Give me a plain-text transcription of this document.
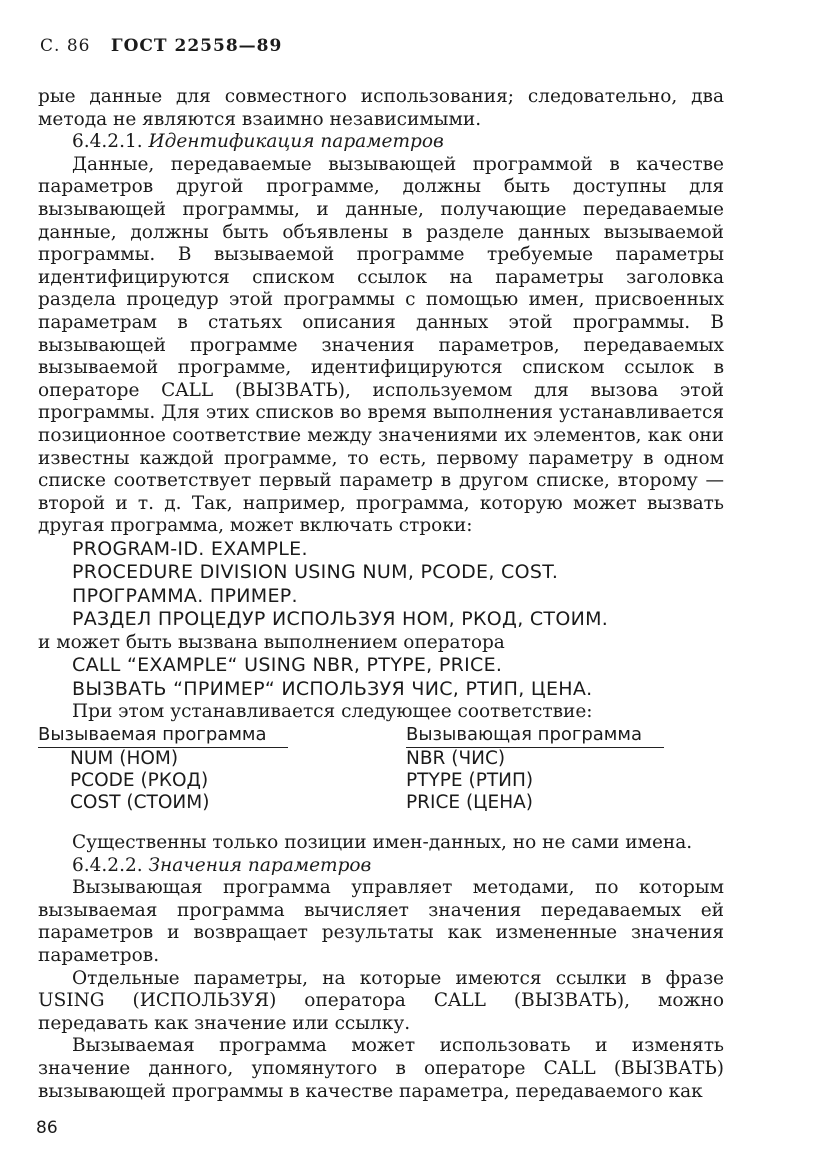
С. 86 ГОСТ 22558—89

рые данные для совместного использования; следовательно, два метода не являются взаимно независимыми.

6.4.2.1. Идентификация параметров

Данные, передаваемые вызывающей программой в качестве параметров другой программе, должны быть доступны для вызывающей программы, и данные, получающие передаваемые данные, должны быть объявлены в разделе данных вызываемой программы. В вызываемой программе требуемые параметры идентифицируются списком ссылок на параметры заголовка раздела процедур этой программы с помощью имен, присвоенных параметрам в статьях описания данных этой программы. В вызывающей программе значения параметров, передаваемых вызываемой программе, идентифицируются списком ссылок в операторе CALL (ВЫЗВАТЬ), используемом для вызова этой программы. Для этих списков во время выполнения устанавливается позиционное соответствие между значениями их элементов, как они известны каждой программе, то есть, первому параметру в одном списке соответствует первый параметр в другом списке, второму — второй и т. д. Так, например, программа, которую может вызвать другая программа, может включать строки:

PROGRAM-ID. EXAMPLE.

PROCEDURE DIVISION USING NUM, PCODE, COST.

ПРОГРАММА. ПРИМЕР.

РАЗДЕЛ ПРОЦЕДУР ИСПОЛЬЗУЯ НОМ, РКОД, СТОИМ.

и может быть вызвана выполнением оператора

CALL “EXAMPLE“ USING NBR, PTYPE, PRICE.

ВЫЗВАТЬ “ПРИМЕР“ ИСПОЛЬЗУЯ ЧИС, РТИП, ЦЕНА.

При этом устанавливается следующее соответствие:

Вызываемая программа
NUM (НОМ)
PCODE (РКОД)
COST (СТОИМ)
Вызывающая программа
NBR (ЧИС)
PTYPE (РТИП)
PRICE (ЦЕНА)

Существенны только позиции имен-данных, но не сами имена.

6.4.2.2. Значения параметров

Вызывающая программа управляет методами, по которым вызываемая программа вычисляет значения передаваемых ей параметров и возвращает результаты как измененные значения параметров.

Отдельные параметры, на которые имеются ссылки в фразе USING (ИСПОЛЬЗУЯ) оператора CALL (ВЫЗВАТЬ), можно передавать как значение или ссылку.

Вызываемая программа может использовать и изменять значение данного, упомянутого в операторе CALL (ВЫЗВАТЬ) вызывающей программы в качестве параметра, передаваемого как

86
